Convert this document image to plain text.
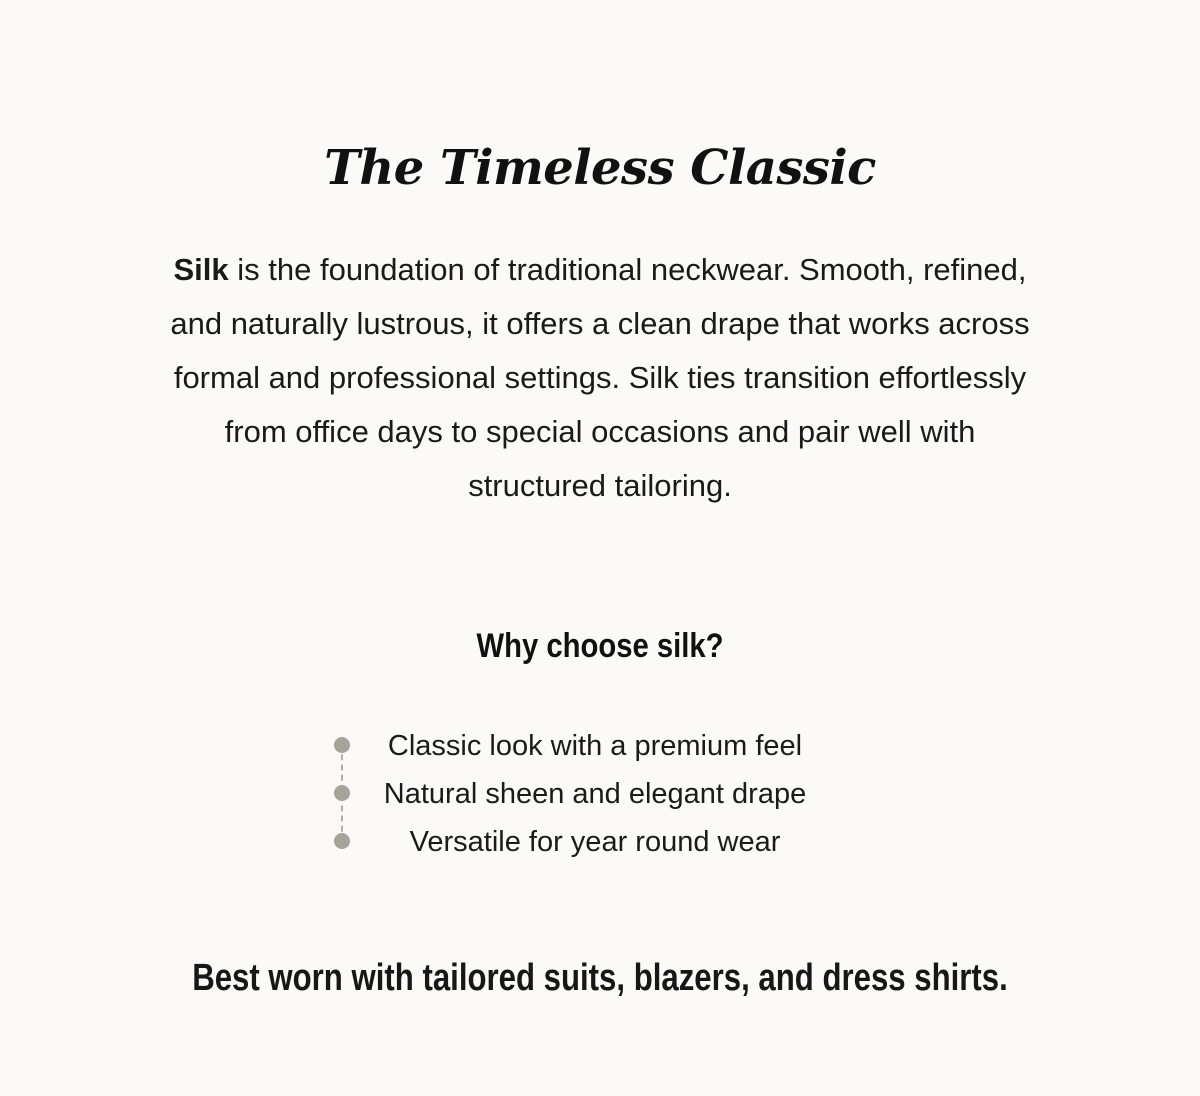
The Timeless Classic

Silk is the foundation of traditional neckwear. Smooth, refined, and naturally lustrous, it offers a clean drape that works across formal and professional settings. Silk ties transition effortlessly from office days to special occasions and pair well with structured tailoring.

Why choose silk?
Classic look with a premium feel
Natural sheen and elegant drape
Versatile for year round wear

Best worn with tailored suits, blazers, and dress shirts.
